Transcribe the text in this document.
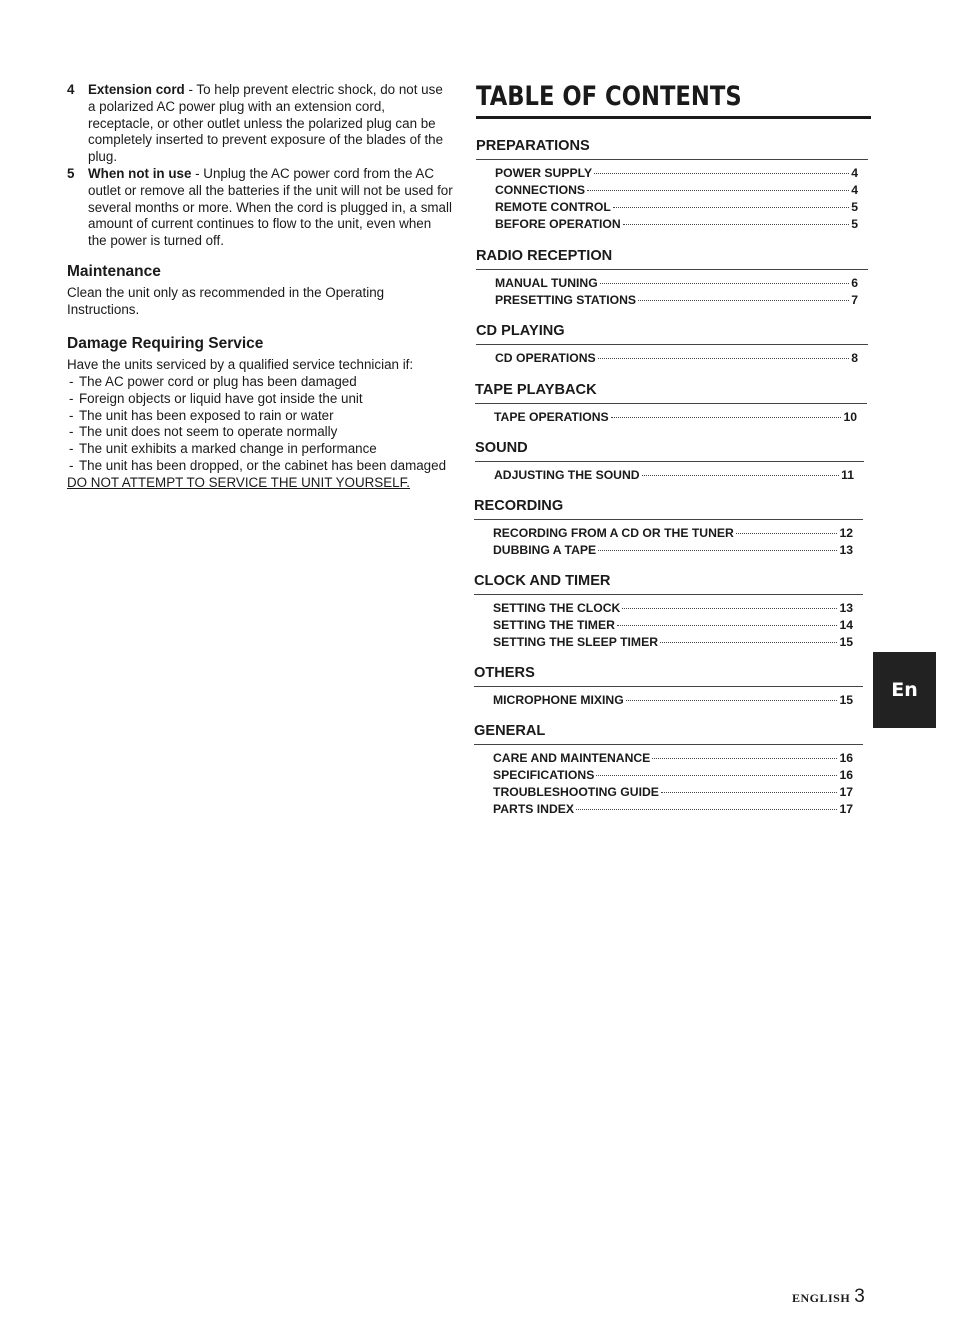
4 Extension cord - To help prevent electric shock, do not use a polarized AC power plug with an extension cord, receptacle, or other outlet unless the polarized plug can be completely inserted to prevent exposure of the blades of the plug.
5 When not in use - Unplug the AC power cord from the AC outlet or remove all the batteries if the unit will not be used for several months or more. When the cord is plugged in, a small amount of current continues to flow to the unit, even when the power is turned off.
Maintenance
Clean the unit only as recommended in the Operating Instructions.
Damage Requiring Service
Have the units serviced by a qualified service technician if:
- The AC power cord or plug has been damaged
- Foreign objects or liquid have got inside the unit
- The unit has been exposed to rain or water
- The unit does not seem to operate normally
- The unit exhibits a marked change in performance
- The unit has been dropped, or the cabinet has been damaged
DO NOT ATTEMPT TO SERVICE THE UNIT YOURSELF.
TABLE OF CONTENTS
PREPARATIONS
POWER SUPPLY	4
CONNECTIONS	4
REMOTE CONTROL	5
BEFORE OPERATION	5
RADIO RECEPTION
MANUAL TUNING	6
PRESETTING STATIONS	7
CD PLAYING
CD OPERATIONS	8
TAPE PLAYBACK
TAPE OPERATIONS	10
SOUND
ADJUSTING THE SOUND	11
RECORDING
RECORDING FROM A CD OR THE TUNER	12
DUBBING A TAPE	13
CLOCK AND TIMER
SETTING THE CLOCK	13
SETTING THE TIMER	14
SETTING THE SLEEP TIMER	15
OTHERS
MICROPHONE MIXING	15
GENERAL
CARE AND MAINTENANCE	16
SPECIFICATIONS	16
TROUBLESHOOTING GUIDE	17
PARTS INDEX	17
En
ENGLISH 3
